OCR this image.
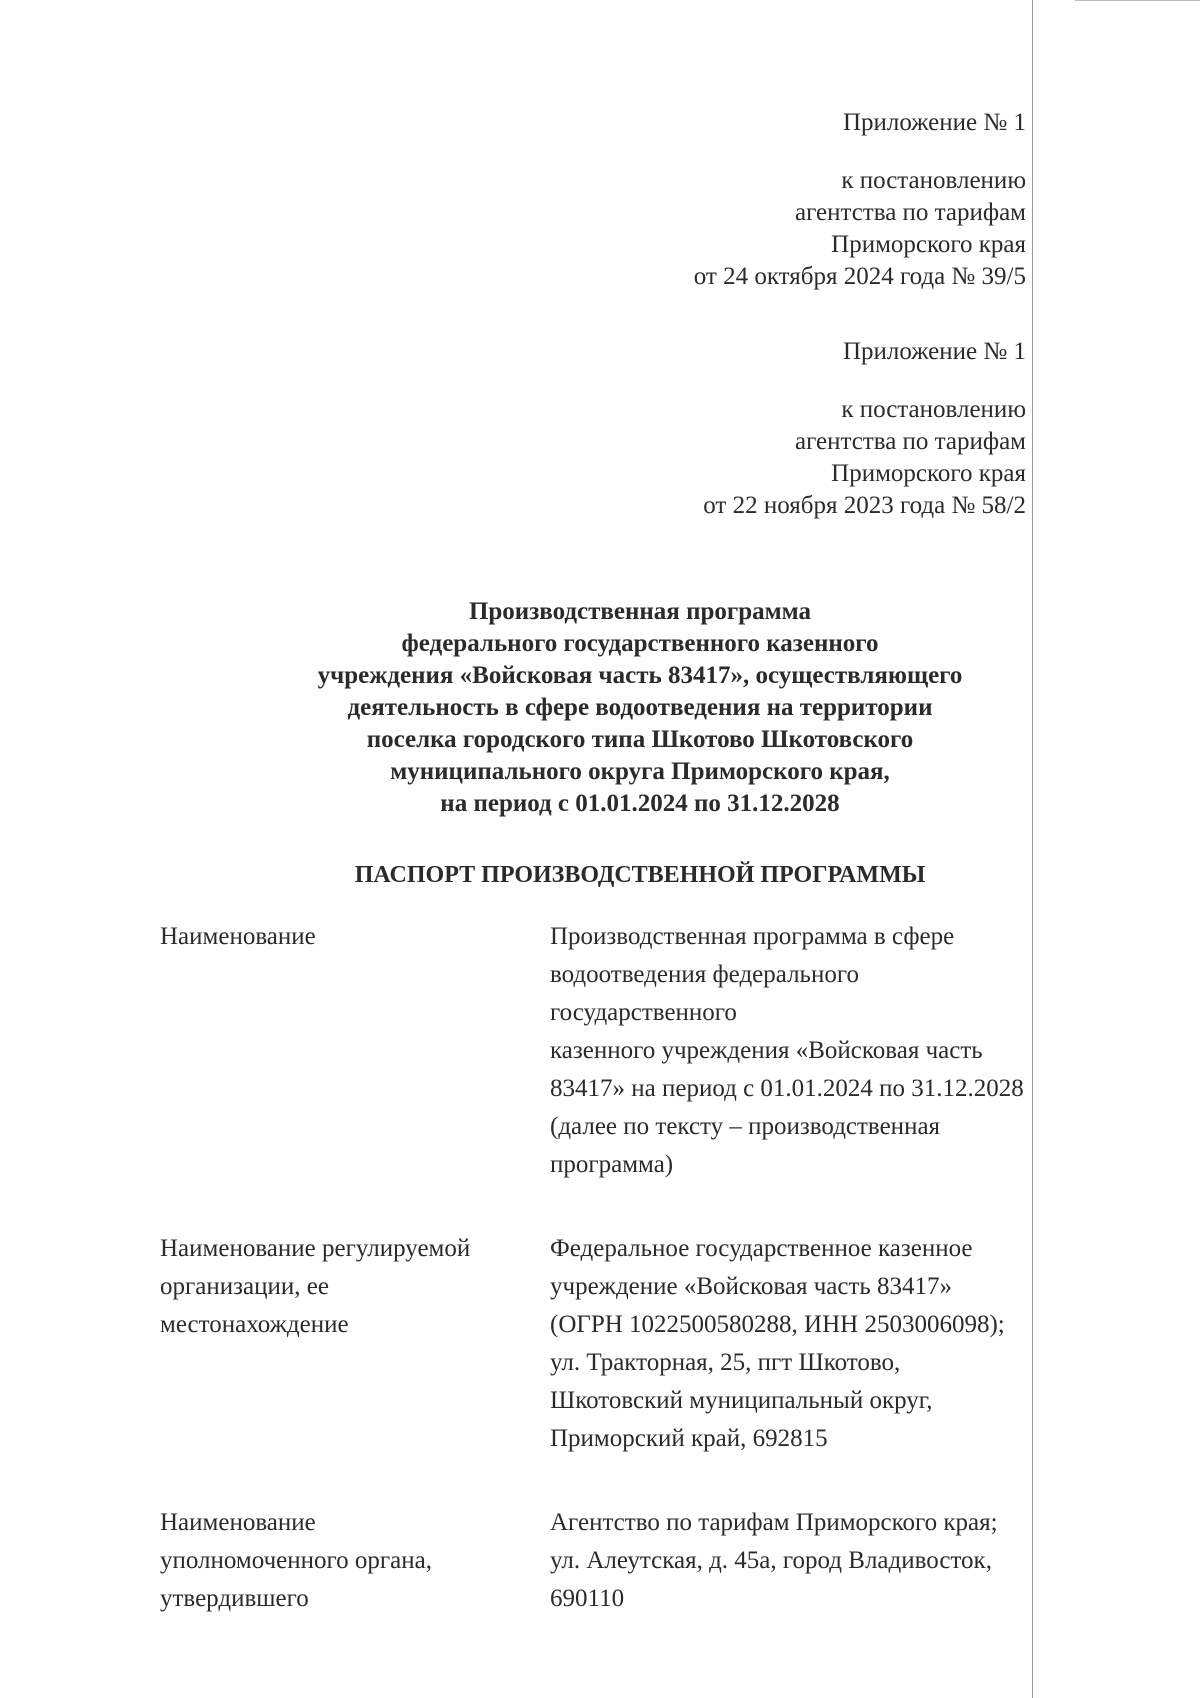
Приложение № 1
к постановлению
агентства по тарифам
Приморского края
от 24 октября 2024 года № 39/5
Приложение № 1
к постановлению
агентства по тарифам
Приморского края
от 22 ноября 2023 года № 58/2
Производственная программа
федерального государственного казенного
учреждения «Войсковая часть 83417», осуществляющего
деятельность в сфере водоотведения на территории
поселка городского типа Шкотово Шкотовского
муниципального округа Приморского края,
на период с 01.01.2024 по 31.12.2028
ПАСПОРТ ПРОИЗВОДСТВЕННОЙ ПРОГРАММЫ
Наименование	Производственная программа в сфере
водоотведения федерального
государственного
казенного учреждения «Войсковая часть
83417» на период с 01.01.2024 по 31.12.2028
(далее по тексту – производственная
программа)
Наименование регулируемой
организации, ее
местонахождение
Федеральное государственное казенное
учреждение «Войсковая часть 83417»
(ОГРН 1022500580288, ИНН 2503006098);
ул. Тракторная, 25, пгт Шкотово,
Шкотовский муниципальный округ,
Приморский край, 692815
Наименование
уполномоченного органа,
утвердившего
Агентство по тарифам Приморского края;
ул. Алеутская, д. 45а, город Владивосток,
690110
